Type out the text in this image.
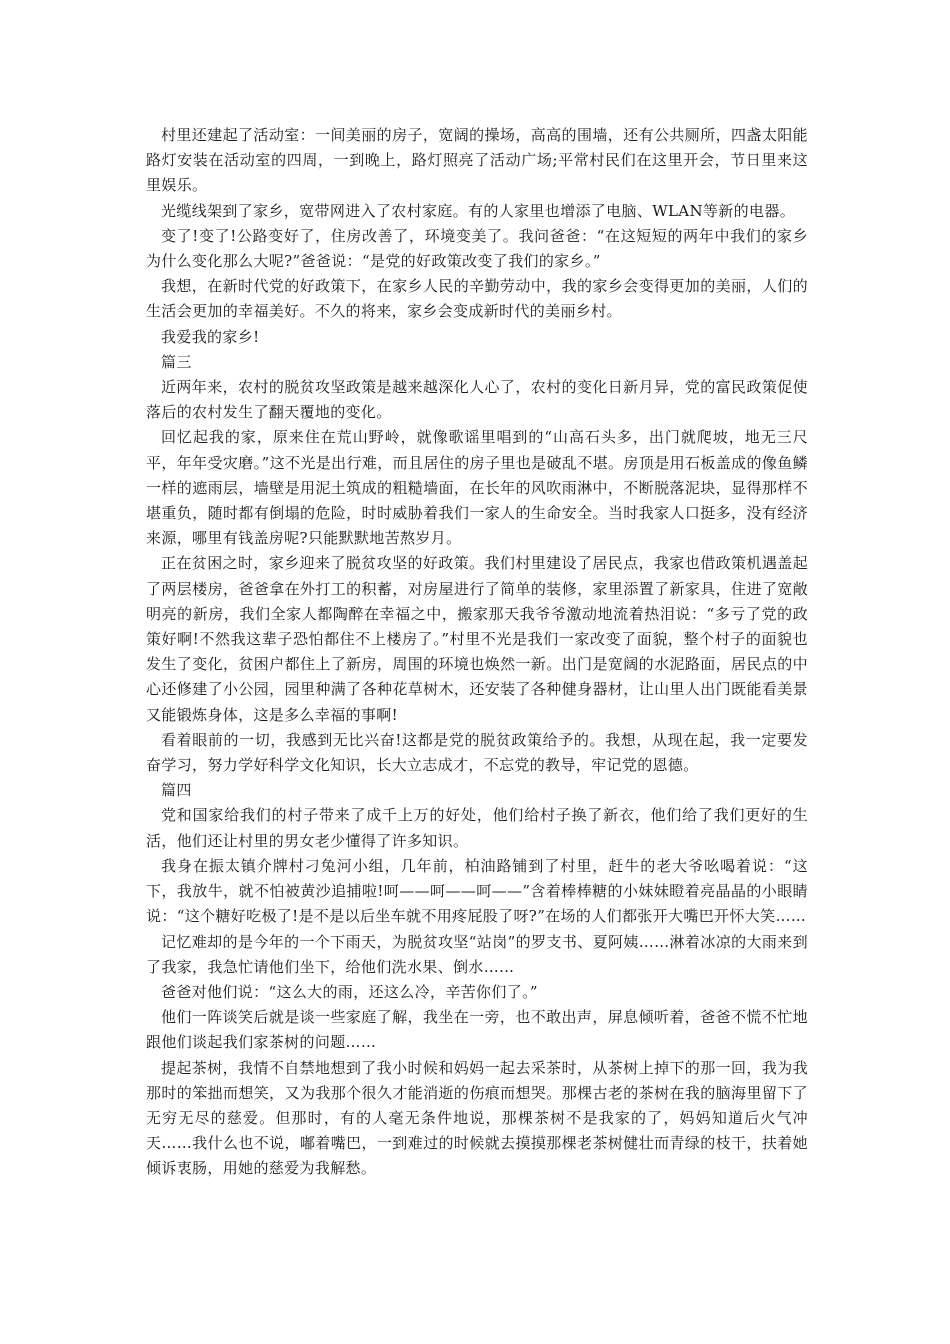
村里还建起了活动室：一间美丽的房子，宽阔的操场，高高的围墙，还有公共厕所，四盏太阳能路灯安装在活动室的四周，一到晚上，路灯照亮了活动广场;平常村民们在这里开会，节日里来这里娱乐。

光缆线架到了家乡，宽带网进入了农村家庭。有的人家里也增添了电脑、WLAN等新的电器。

变了!变了!公路变好了，住房改善了，环境变美了。我问爸爸：“在这短短的两年中我们的家乡为什么变化那么大呢?”爸爸说：“是党的好政策改变了我们的家乡。”

我想，在新时代党的好政策下，在家乡人民的辛勤劳动中，我的家乡会变得更加的美丽，人们的生活会更加的幸福美好。不久的将来，家乡会变成新时代的美丽乡村。

我爱我的家乡!

篇三

近两年来，农村的脱贫攻坚政策是越来越深化人心了，农村的变化日新月异，党的富民政策促使落后的农村发生了翻天覆地的变化。

回忆起我的家，原来住在荒山野岭，就像歌谣里唱到的“山高石头多，出门就爬坡，地无三尺平，年年受灾磨。”这不光是出行难，而且居住的房子里也是破乱不堪。房顶是用石板盖成的像鱼鳞一样的遮雨层，墙壁是用泥土筑成的粗糙墙面，在长年的风吹雨淋中，不断脱落泥块，显得那样不堪重负，随时都有倒塌的危险，时时威胁着我们一家人的生命安全。当时我家人口挺多，没有经济来源，哪里有钱盖房呢?只能默默地苦熬岁月。

正在贫困之时，家乡迎来了脱贫攻坚的好政策。我们村里建设了居民点，我家也借政策机遇盖起了两层楼房，爸爸拿在外打工的积蓄，对房屋进行了简单的装修，家里添置了新家具，住进了宽敞明亮的新房，我们全家人都陶醉在幸福之中，搬家那天我爷爷激动地流着热泪说：“多亏了党的政策好啊!不然我这辈子恐怕都住不上楼房了。”村里不光是我们一家改变了面貌，整个村子的面貌也发生了变化，贫困户都住上了新房，周围的环境也焕然一新。出门是宽阔的水泥路面，居民点的中心还修建了小公园，园里种满了各种花草树木，还安装了各种健身器材，让山里人出门既能看美景又能锻炼身体，这是多么幸福的事啊!

看着眼前的一切，我感到无比兴奋!这都是党的脱贫政策给予的。我想，从现在起，我一定要发奋学习，努力学好科学文化知识，长大立志成才，不忘党的教导，牢记党的恩德。

篇四

党和国家给我们的村子带来了成千上万的好处，他们给村子换了新衣，他们给了我们更好的生活，他们还让村里的男女老少懂得了许多知识。

我身在振太镇介牌村刁兔河小组，几年前，柏油路铺到了村里，赶牛的老大爷吆喝着说：“这下，我放牛，就不怕被黄沙追捕啦!呵——呵——呵——”含着棒棒糖的小妹妹瞪着亮晶晶的小眼睛说：“这个糖好吃极了!是不是以后坐车就不用疼屁股了呀?”在场的人们都张开大嘴巴开怀大笑……

记忆难却的是今年的一个下雨天，为脱贫攻坚“站岗”的罗支书、夏阿姨……淋着冰凉的大雨来到了我家，我急忙请他们坐下，给他们洗水果、倒水……

爸爸对他们说：“这么大的雨，还这么冷，辛苦你们了。”

他们一阵谈笑后就是谈一些家庭了解，我坐在一旁，也不敢出声，屏息倾听着，爸爸不慌不忙地跟他们谈起我们家茶树的问题……

提起茶树，我情不自禁地想到了我小时候和妈妈一起去采茶时，从茶树上掉下的那一回，我为我那时的笨拙而想笑，又为我那个很久才能消逝的伤痕而想哭。那棵古老的茶树在我的脑海里留下了无穷无尽的慈爱。但那时，有的人毫无条件地说，那棵茶树不是我家的了，妈妈知道后火气冲天……我什么也不说，嘟着嘴巴，一到难过的时候就去摸摸那棵老茶树健壮而青绿的枝干，扶着她倾诉衷肠，用她的慈爱为我解愁。
